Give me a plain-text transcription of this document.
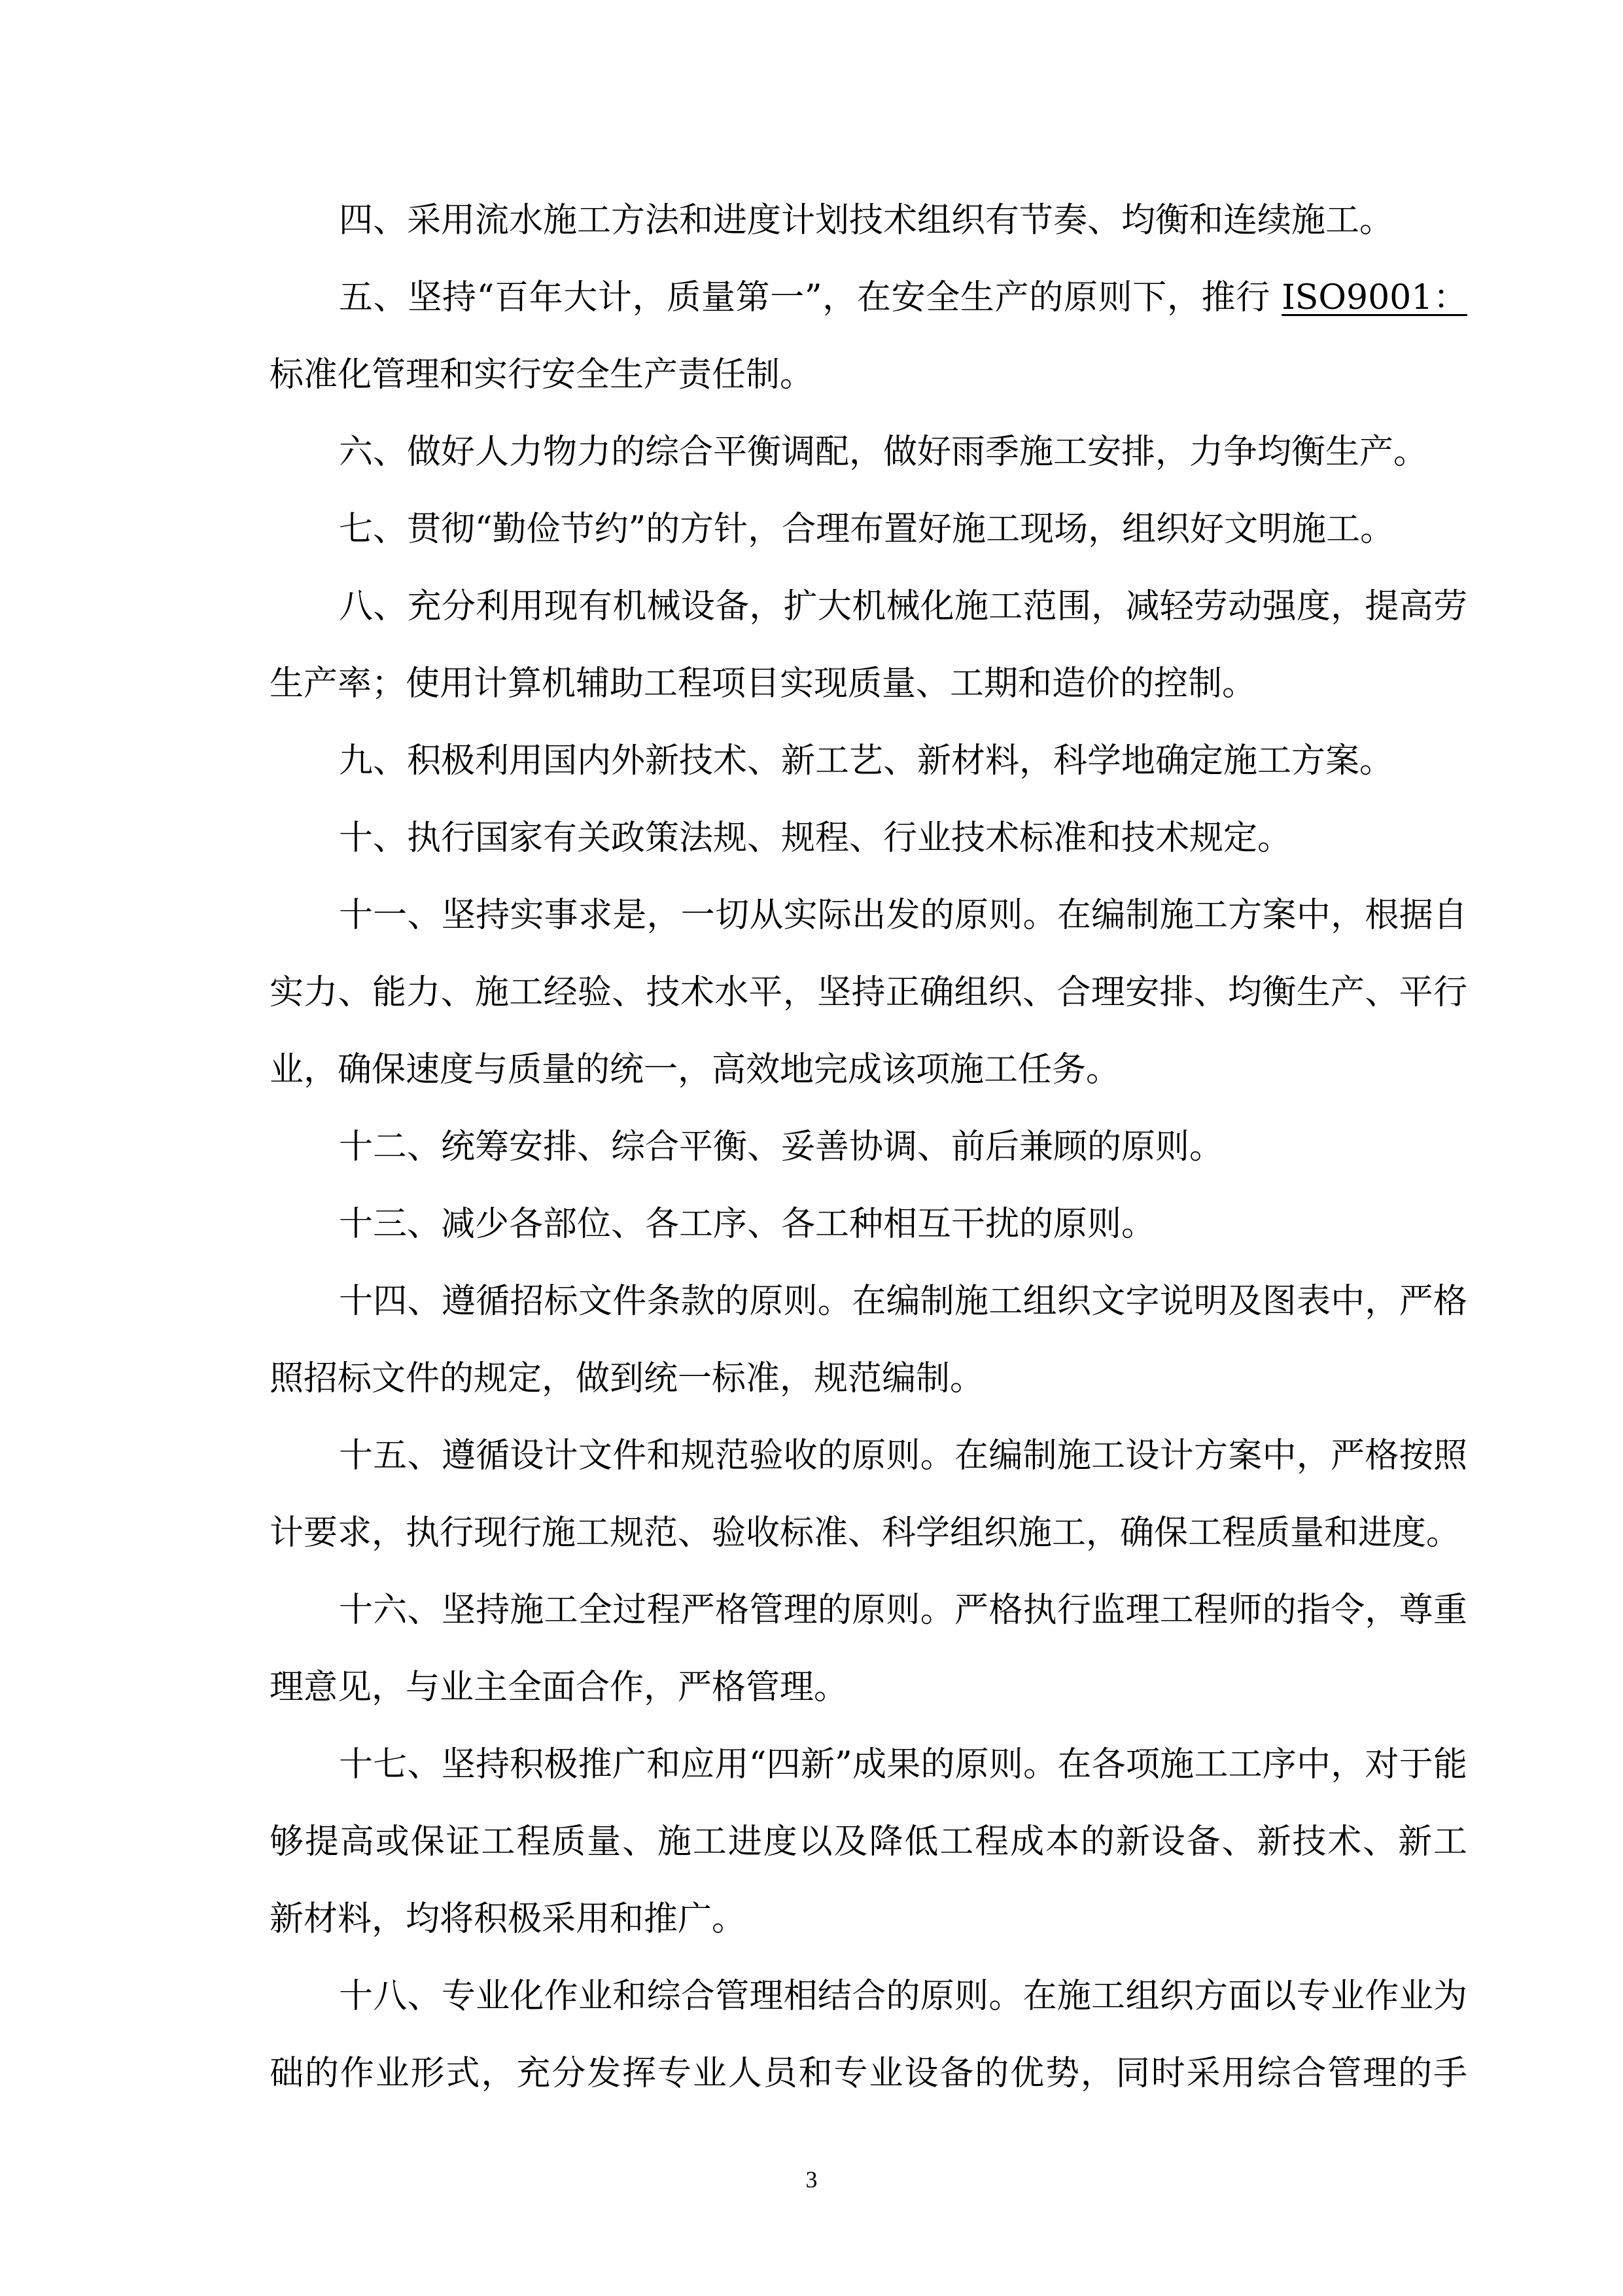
四、采用流水施工方法和进度计划技术组织有节奏、均衡和连续施工。
五、坚持“百年大计，质量第一”，在安全生产的原则下，推行 ISO9001：
标准化管理和实行安全生产责任制。
六、做好人力物力的综合平衡调配，做好雨季施工安排，力争均衡生产。
七、贯彻“勤俭节约”的方针，合理布置好施工现场，组织好文明施工。
八、充分利用现有机械设备，扩大机械化施工范围，减轻劳动强度，提高劳
生产率；使用计算机辅助工程项目实现质量、工期和造价的控制。
九、积极利用国内外新技术、新工艺、新材料，科学地确定施工方案。
十、执行国家有关政策法规、规程、行业技术标准和技术规定。
十一、坚持实事求是，一切从实际出发的原则。在编制施工方案中，根据自
实力、能力、施工经验、技术水平，坚持正确组织、合理安排、均衡生产、平行
业，确保速度与质量的统一，高效地完成该项施工任务。
十二、统筹安排、综合平衡、妥善协调、前后兼顾的原则。
十三、减少各部位、各工序、各工种相互干扰的原则。
十四、遵循招标文件条款的原则。在编制施工组织文字说明及图表中，严格
照招标文件的规定，做到统一标准，规范编制。
十五、遵循设计文件和规范验收的原则。在编制施工设计方案中，严格按照
计要求，执行现行施工规范、验收标准、科学组织施工，确保工程质量和进度。
十六、坚持施工全过程严格管理的原则。严格执行监理工程师的指令，尊重
理意见，与业主全面合作，严格管理。
十七、坚持积极推广和应用“四新”成果的原则。在各项施工工序中，对于能
够提高或保证工程质量、施工进度以及降低工程成本的新设备、新技术、新工
新材料，均将积极采用和推广。
十八、专业化作业和综合管理相结合的原则。在施工组织方面以专业作业为
础的作业形式，充分发挥专业人员和专业设备的优势，同时采用综合管理的手
3
